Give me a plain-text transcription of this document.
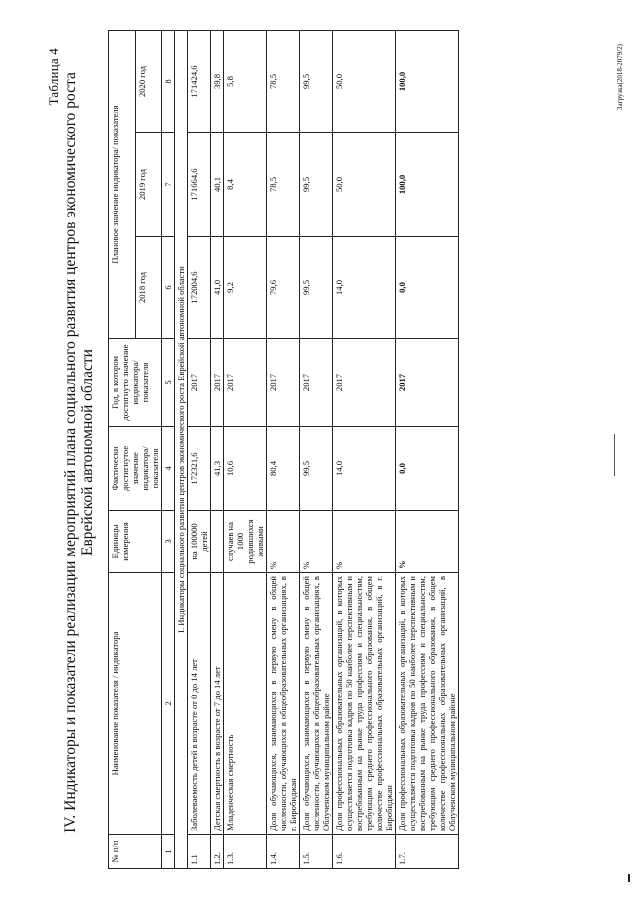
Таблица 4 IV. Индикаторы и показатели реализации мероприятий плана социального развития центров экономического роста Еврейской автономной области
№ п/п	Наименование показателя / индикатора	Единицы измерения	Фактически достигнутое значение индикатора/ показателя	Год, в котором достигнуто значение индикатора/ показателя	Плановое значение индикатора/ показателя		
					2018 год	2019 год	2020 год
1	2	3	4	5	6	7	8
I. Индикаторы социального развития центров экономического роста Еврейской автономной области							
1.1	Заболеваемость детей в возрасте от 0 до 14 лет	на 100000 детей	172321,6	2017	172004,6	171664,6	171424,6
1.2.	Детская смертность в возрасте от 7 до 14 лет		41,3	2017	41,0	40,1	39,8
1.3.	Младенческая смертность	случаев на 1000 родившихся живыми	10,6	2017	9,2	8,4	5,8
1.4.	Доля обучающихся, занимающихся в первую смену в общей численности, обучающихся в общеобразовательных организациях, в г. Биробиджан	%	80,4	2017	79,6	78,5	78,5
1.5.	Доля обучающихся, занимающихся в первую смену в общей численности, обучающихся в общеобразовательных организациях, в Облученском муниципальном районе	%	99,5	2017	99,5	99,5	99,5
1.6.	Доля профессиональных образовательных организаций, в которых осуществляется подготовка кадров по 50 наиболее перспективным и востребованным на рынке труда профессиям и специальностям, требующим среднего профессионального образования, в общем количестве профессиональных образовательных организаций, в г. Биробиджан	%	14,0	2017	14,0	50,0	50,0
1.7.	Доля профессиональных образовательных организаций, в которых осуществляется подготовка кадров по 50 наиболее перспективным и востребованным на рынке труда профессиям и специальностям, требующим среднего профессионального образования, в общем количестве профессиональных образовательных организаций, в Облученском муниципальном районе	%	0,0	2017	0,0	100,0	100,0	Загрузка(2018-2079/2)
